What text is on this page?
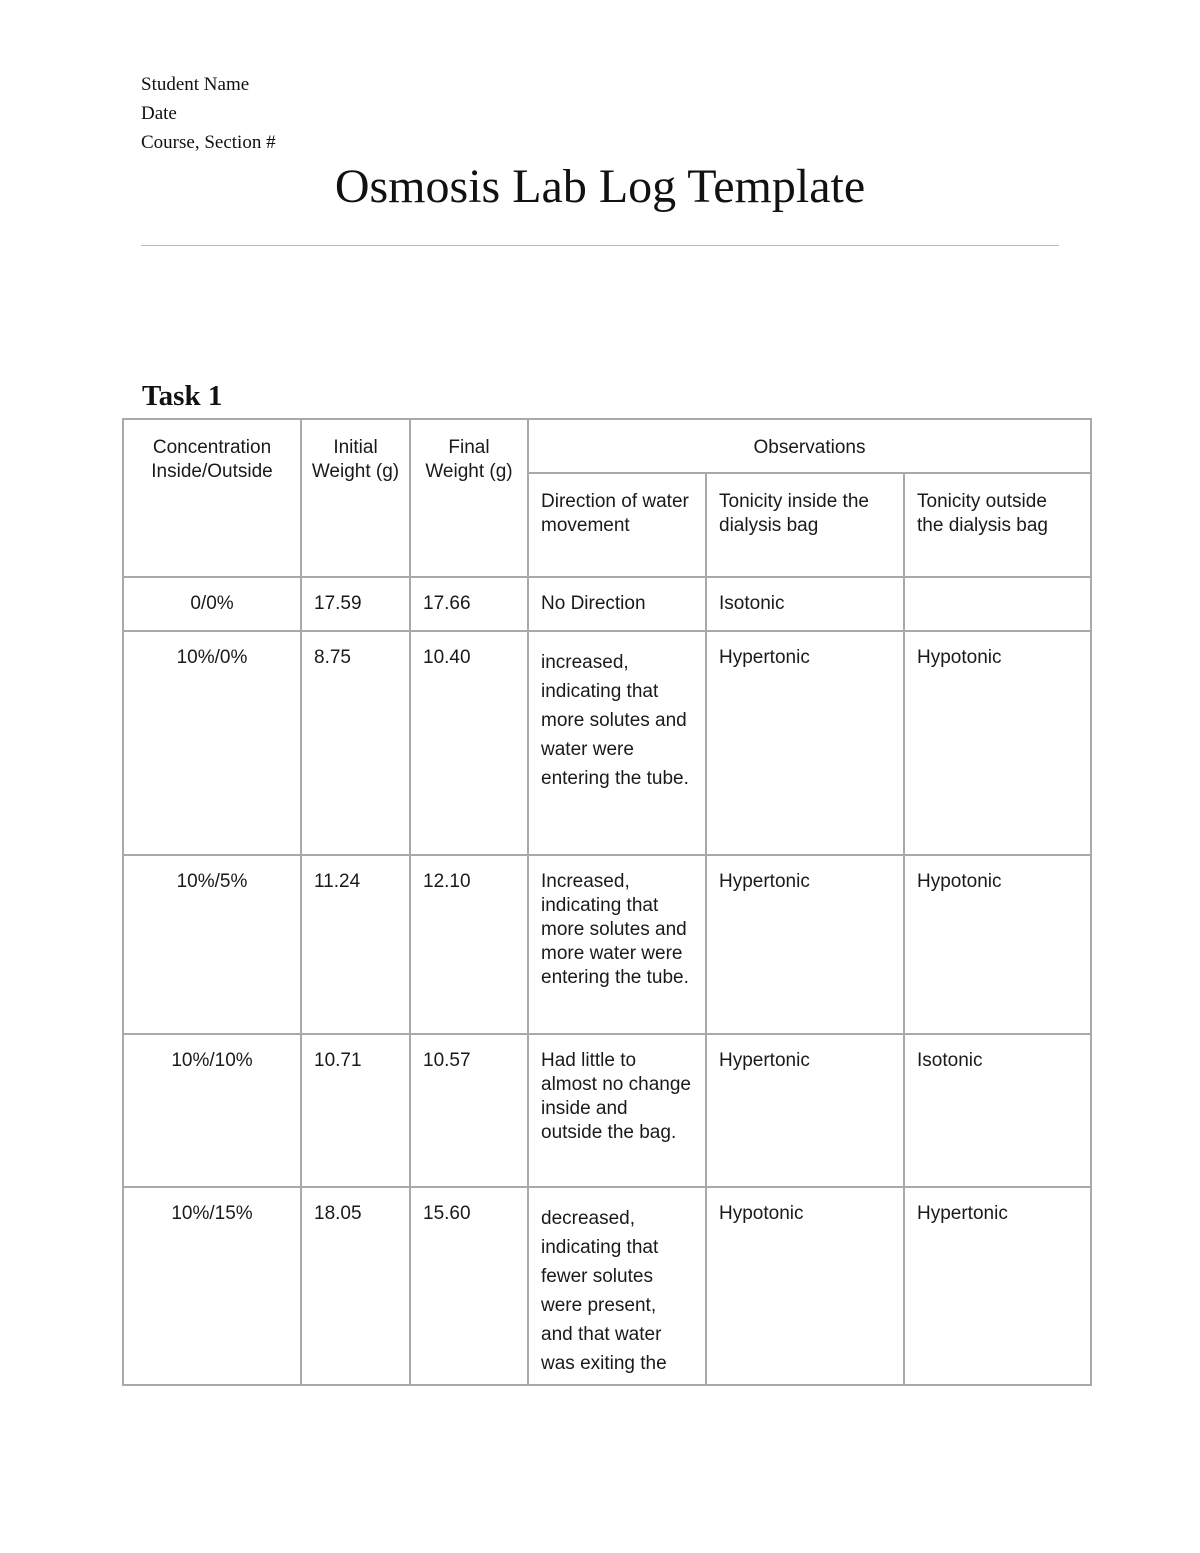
Student Name
Date
Course, Section #
Osmosis Lab Log Template
Task 1
Concentration Inside/Outside	Initial Weight (g)	Final Weight (g)	Observations		
			Direction of water movement	Tonicity inside the dialysis bag	Tonicity outside the dialysis bag
0/0%	17.59	17.66	No Direction	Isotonic	
10%/0%	8.75	10.40	increased, indicating that more solutes and water were entering the tube.	Hypertonic	Hypotonic
10%/5%	11.24	12.10	Increased, indicating that more solutes and more water were entering the tube.	Hypertonic	Hypotonic
10%/10%	10.71	10.57	Had little to almost no change inside and outside the bag.	Hypertonic	Isotonic
10%/15%	18.05	15.60	decreased, indicating that fewer solutes were present, and that water was exiting the	Hypotonic	Hypertonic
